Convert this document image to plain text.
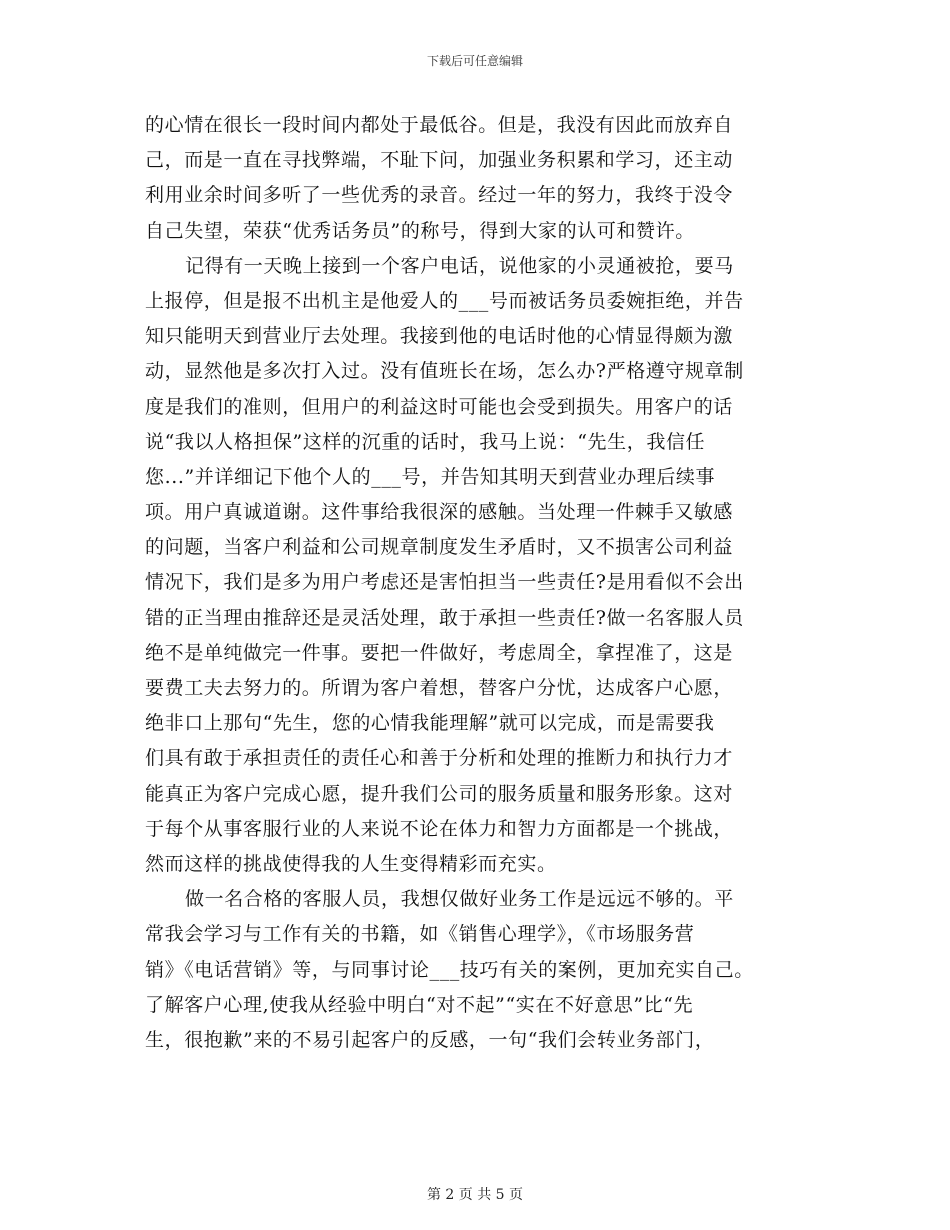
下载后可任意编辑
的心情在很长一段时间内都处于最低谷。但是，我没有因此而放弃自
己，而是一直在寻找弊端，不耻下问，加强业务积累和学习，还主动
利用业余时间多听了一些优秀的录音。经过一年的努力，我终于没令
自己失望，荣获“优秀话务员”的称号，得到大家的认可和赞许。
记得有一天晚上接到一个客户电话，说他家的小灵通被抢，要马
上报停，但是报不出机主是他爱人的___号而被话务员委婉拒绝，并告
知只能明天到营业厅去处理。我接到他的电话时他的心情显得颇为激
动，显然他是多次打入过。没有值班长在场，怎么办?严格遵守规章制
度是我们的准则，但用户的利益这时可能也会受到损失。用客户的话
说“我以人格担保”这样的沉重的话时，我马上说：“先生，我信任
您...”并详细记下他个人的___号，并告知其明天到营业办理后续事
项。用户真诚道谢。这件事给我很深的感触。当处理一件棘手又敏感
的问题，当客户利益和公司规章制度发生矛盾时，又不损害公司利益
情况下，我们是多为用户考虑还是害怕担当一些责任?是用看似不会出
错的正当理由推辞还是灵活处理，敢于承担一些责任?做一名客服人员
绝不是单纯做完一件事。要把一件做好，考虑周全，拿捏准了，这是
要费工夫去努力的。所谓为客户着想，替客户分忧，达成客户心愿，
绝非口上那句“先生，您的心情我能理解”就可以完成，而是需要我
们具有敢于承担责任的责任心和善于分析和处理的推断力和执行力才
能真正为客户完成心愿，提升我们公司的服务质量和服务形象。这对
于每个从事客服行业的人来说不论在体力和智力方面都是一个挑战，
然而这样的挑战使得我的人生变得精彩而充实。
做一名合格的客服人员，我想仅做好业务工作是远远不够的。平
常我会学习与工作有关的书籍，如《销售心理学》，《市场服务营
销》《电话营销》等，与同事讨论___技巧有关的案例，更加充实自己。
了解客户心理,使我从经验中明白“对不起”“实在不好意思”比“先
生，很抱歉”来的不易引起客户的反感，一句“我们会转业务部门，
第 2 页 共 5 页
